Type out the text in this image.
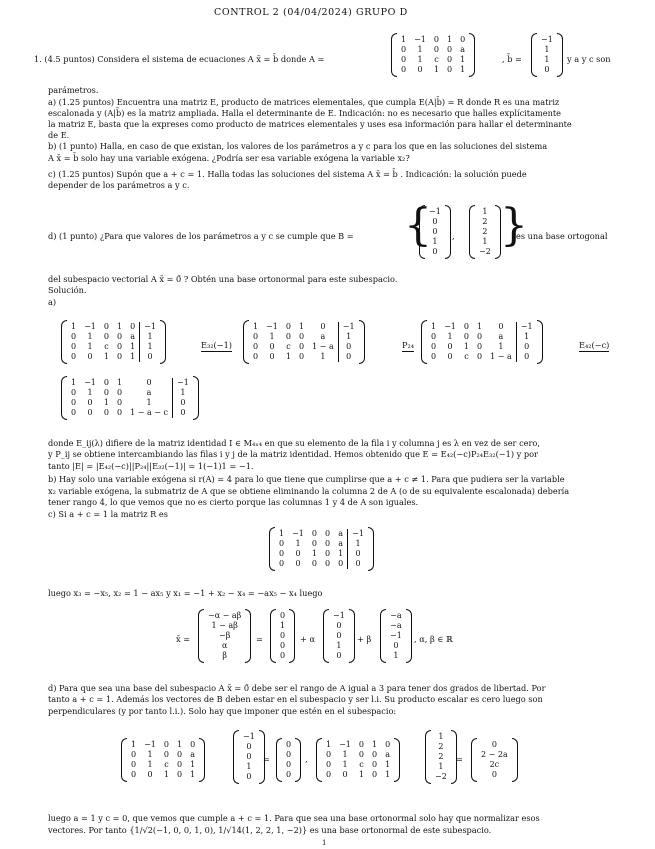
CONTROL 2 (04/04/2024) GRUPO D
1. (4.5 puntos) Considera el sistema de ecuaciones A x̄ = b̄ donde A =
1	−1	0	1	0
0	1	0	0	a
0	1	c	0	1
0	0	1	0	1
, b̄ =
−1
1
1
0
y a y c son
parámetros.
a) (1.25 puntos) Encuentra una matriz E, producto de matrices elementales, que cumpla E(A|b̄) = R donde R es una matriz
escalonada y (A|b̄) es la matriz ampliada. Halla el determinante de E. Indicación: no es necesario que halles explícitamente
la matriz E, basta que la expreses como producto de matrices elementales y uses esa información para hallar el determinante
de E.
b) (1 punto) Halla, en caso de que existan, los valores de los parámetros a y c para los que en las soluciones del sistema
A x̄ = b̄ solo hay una variable exógena. ¿Podría ser esa variable exógena la variable x₂?
c) (1.25 puntos) Supón que a + c = 1. Halla todas las soluciones del sistema A x̄ = b̄ . Indicación: la solución puede
depender de los parámetros a y c.
d) (1 punto) ¿Para que valores de los parámetros a y c se cumple que B = {
−1
0
0
1
0
,
1
2
2
1
−2
}
es una base ortogonal
del subespacio vectorial A x̄ = 0̄ ? Obtén una base ortonormal para este subespacio.
Solución.
a)
1	−1	0	1	0	−1
0	1	0	0	a	1
0	1	c	0	1	1
0	0	1	0	1	0
E₃₂(−1)
1	−1	0	1	0	−1
0	1	0	0	a	1
0	0	c	0	1 − a	0
0	0	1	0	1	0
P₂₄
1	−1	0	1	0	−1
0	1	0	0	a	1
0	0	1	0	1	0
0	0	c	0	1 − a	0
E₄₂(−c)
1	−1	0	1	0	−1
0	1	0	0	a	1
0	0	1	0	1	0
0	0	0	0	1 − a − c	0
donde E_ij(λ) difiere de la matriz identidad I ∈ M₄ₓ₄ en que su elemento de la fila i y columna j es λ en vez de ser cero,
y P_ij se obtiene intercambiando las filas i y j de la matriz identidad. Hemos obtenido que E = E₄₂(−c)P₂₄E₃₂(−1) y por
tanto |E| = |E₄₂(−c)||P₂₄||E₃₂(−1)| = 1(−1)1 = −1.
b) Hay solo una variable exógena si r(A) = 4 para lo que tiene que cumplirse que a + c ≠ 1. Para que pudiera ser la variable
x₂ variable exógena, la submatriz de A que se obtiene eliminando la columna 2 de A (o de su equivalente escalonada) debería
tener rango 4, lo que vemos que no es cierto porque las columnas 1 y 4 de A son iguales.
c) Si a + c = 1 la matriz R es
1	−1	0	0	a	−1
0	1	0	0	a	1
0	0	1	0	1	0
0	0	0	0	0	0
luego x₃ = −x₅, x₂ = 1 − ax₅ y x₁ = −1 + x₂ − x₄ = −ax₅ − x₄ luego
x̄ =
−α − aβ
1 − aβ
−β
α
β
=
0
1
0
0
0
+ α
−1
0
0
1
0
+ β
−a
−a
−1
0
1
, α, β ∈ ℝ
d) Para que sea una base del subespacio A x̄ = 0̄ debe ser el rango de A igual a 3 para tener dos grados de libertad. Por
tanto a + c = 1. Además los vectores de B deben estar en el subespacio y ser l.i. Su producto escalar es cero luego son
perpendiculares (y por tanto l.i.). Solo hay que imponer que estén en el subespacio:
1	−1	0	1	0
0	1	0	0	a
0	1	c	0	1
0	0	1	0	1
−1
0
0
1
0
=
0
0
0
0
,
1	−1	0	1	0
0	1	0	0	a
0	1	c	0	1
0	0	1	0	1
1
2
2
1
−2
=
0
2 − 2a
2c
0
luego a = 1 y c = 0, que vemos que cumple a + c = 1. Para que sea una base ortonormal solo hay que normalizar esos
vectores. Por tanto {1/√2(−1, 0, 0, 1, 0), 1/√14(1, 2, 2, 1, −2)} es una base ortonormal de este subespacio.
1
